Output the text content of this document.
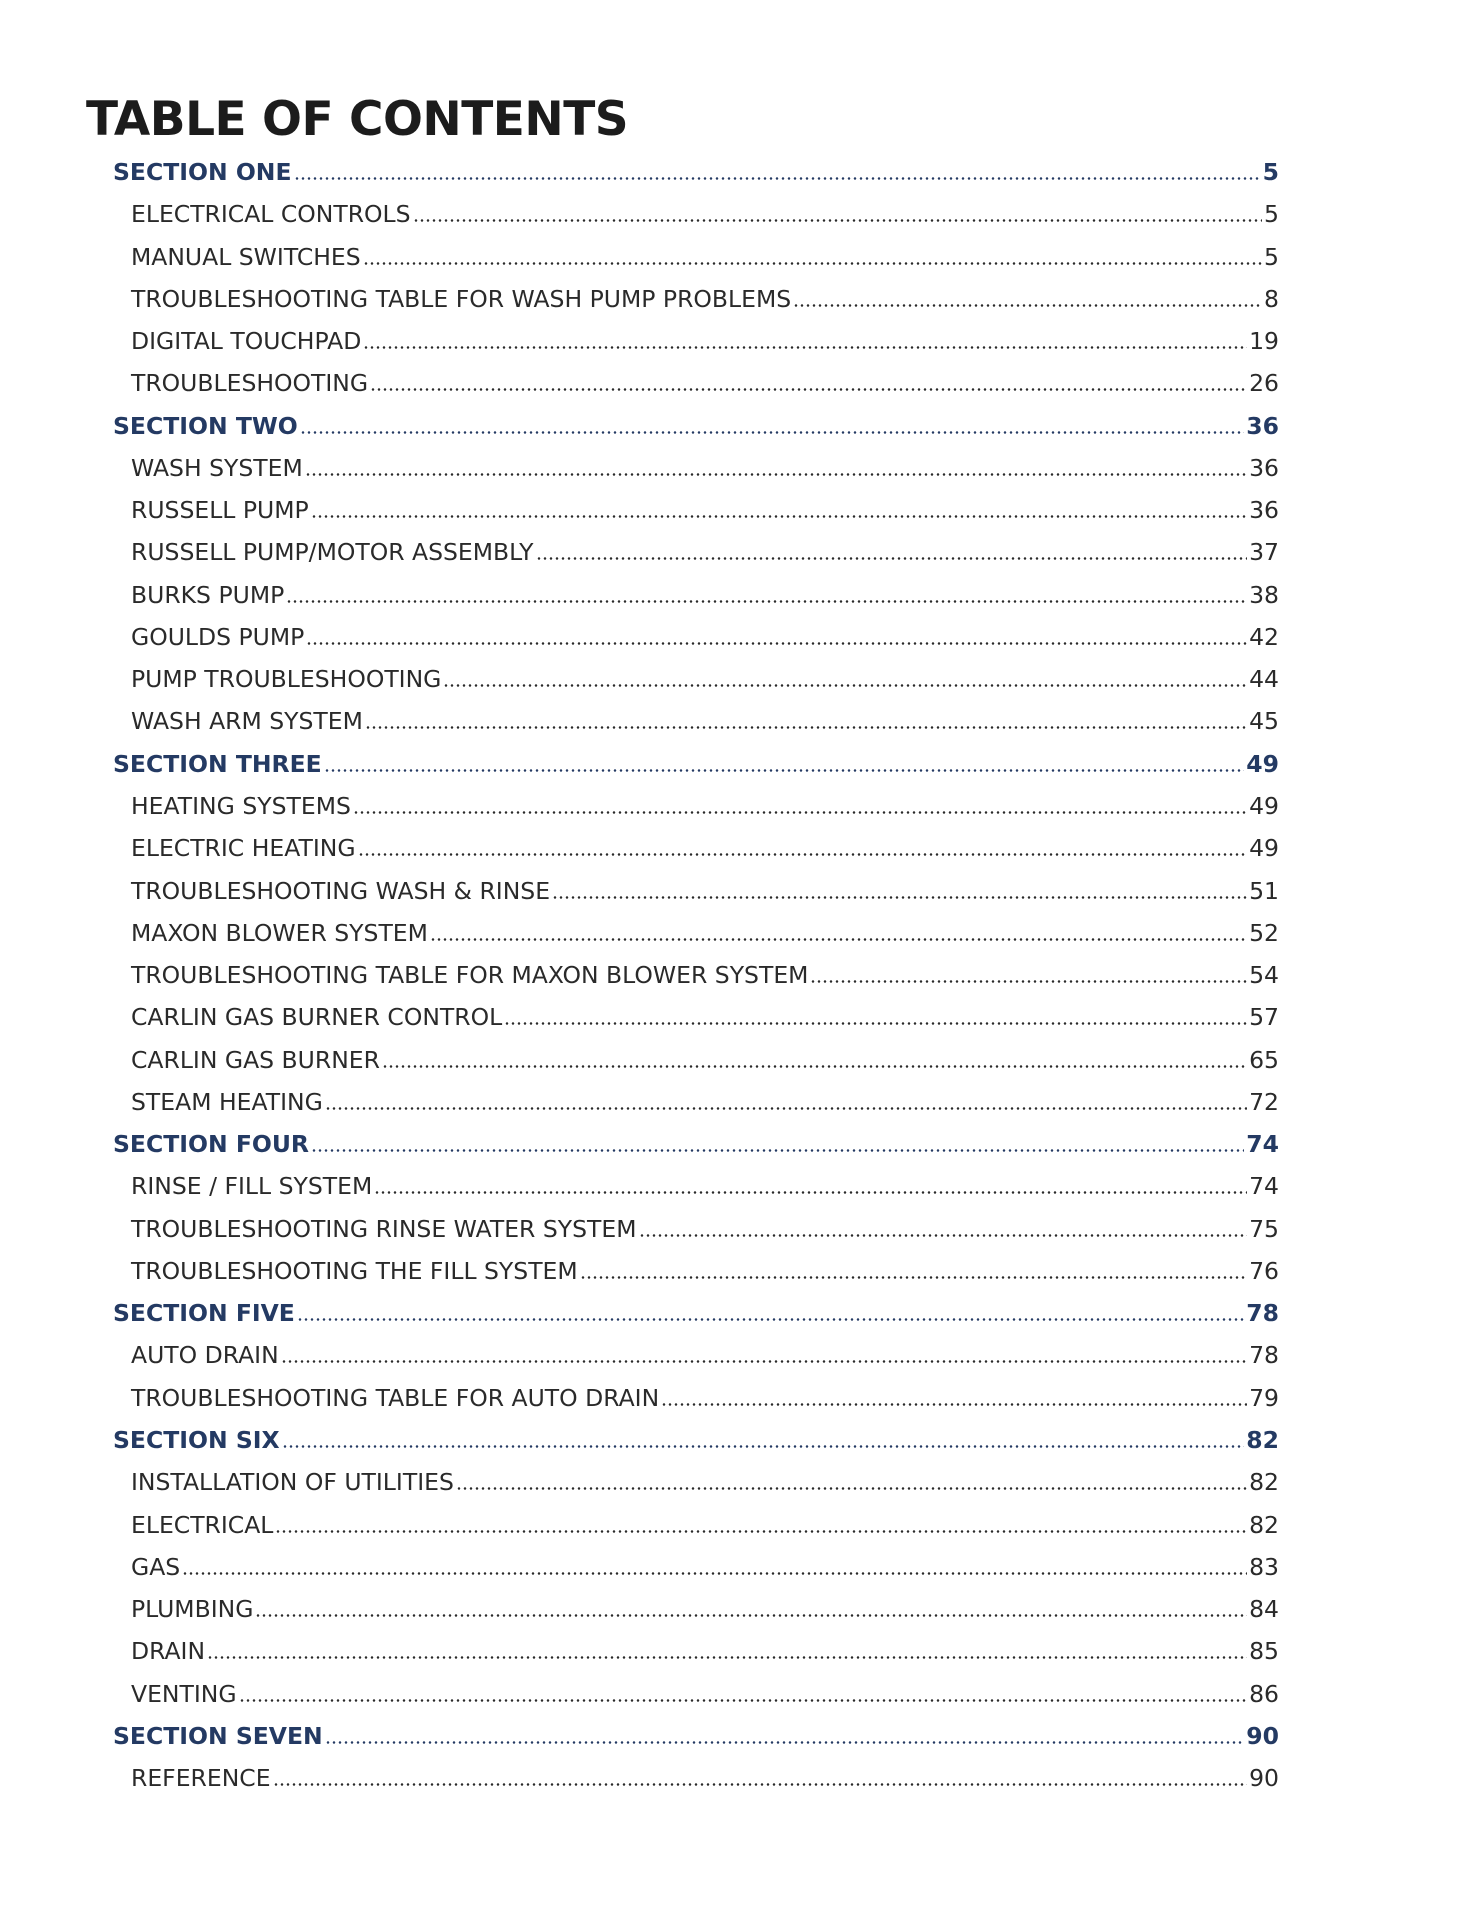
TABLE OF CONTENTS
SECTION ONE	5
ELECTRICAL CONTROLS	5
MANUAL SWITCHES	5
TROUBLESHOOTING TABLE FOR WASH PUMP PROBLEMS	8
DIGITAL TOUCHPAD	19
TROUBLESHOOTING	26
SECTION TWO	36
WASH SYSTEM	36
RUSSELL PUMP	36
RUSSELL PUMP/MOTOR ASSEMBLY	37
BURKS PUMP	38
GOULDS PUMP	42
PUMP TROUBLESHOOTING	44
WASH ARM SYSTEM	45
SECTION THREE	49
HEATING SYSTEMS	49
ELECTRIC HEATING	49
TROUBLESHOOTING WASH & RINSE	51
MAXON BLOWER SYSTEM	52
TROUBLESHOOTING TABLE FOR MAXON BLOWER SYSTEM	54
CARLIN GAS BURNER CONTROL	57
CARLIN GAS BURNER	65
STEAM HEATING	72
SECTION FOUR	74
RINSE / FILL SYSTEM	74
TROUBLESHOOTING RINSE WATER SYSTEM	75
TROUBLESHOOTING THE FILL SYSTEM	76
SECTION FIVE	78
AUTO DRAIN	78
TROUBLESHOOTING TABLE FOR AUTO DRAIN	79
SECTION SIX	82
INSTALLATION OF UTILITIES	82
ELECTRICAL	82
GAS	83
PLUMBING	84
DRAIN	85
VENTING	86
SECTION SEVEN	90
REFERENCE	90
